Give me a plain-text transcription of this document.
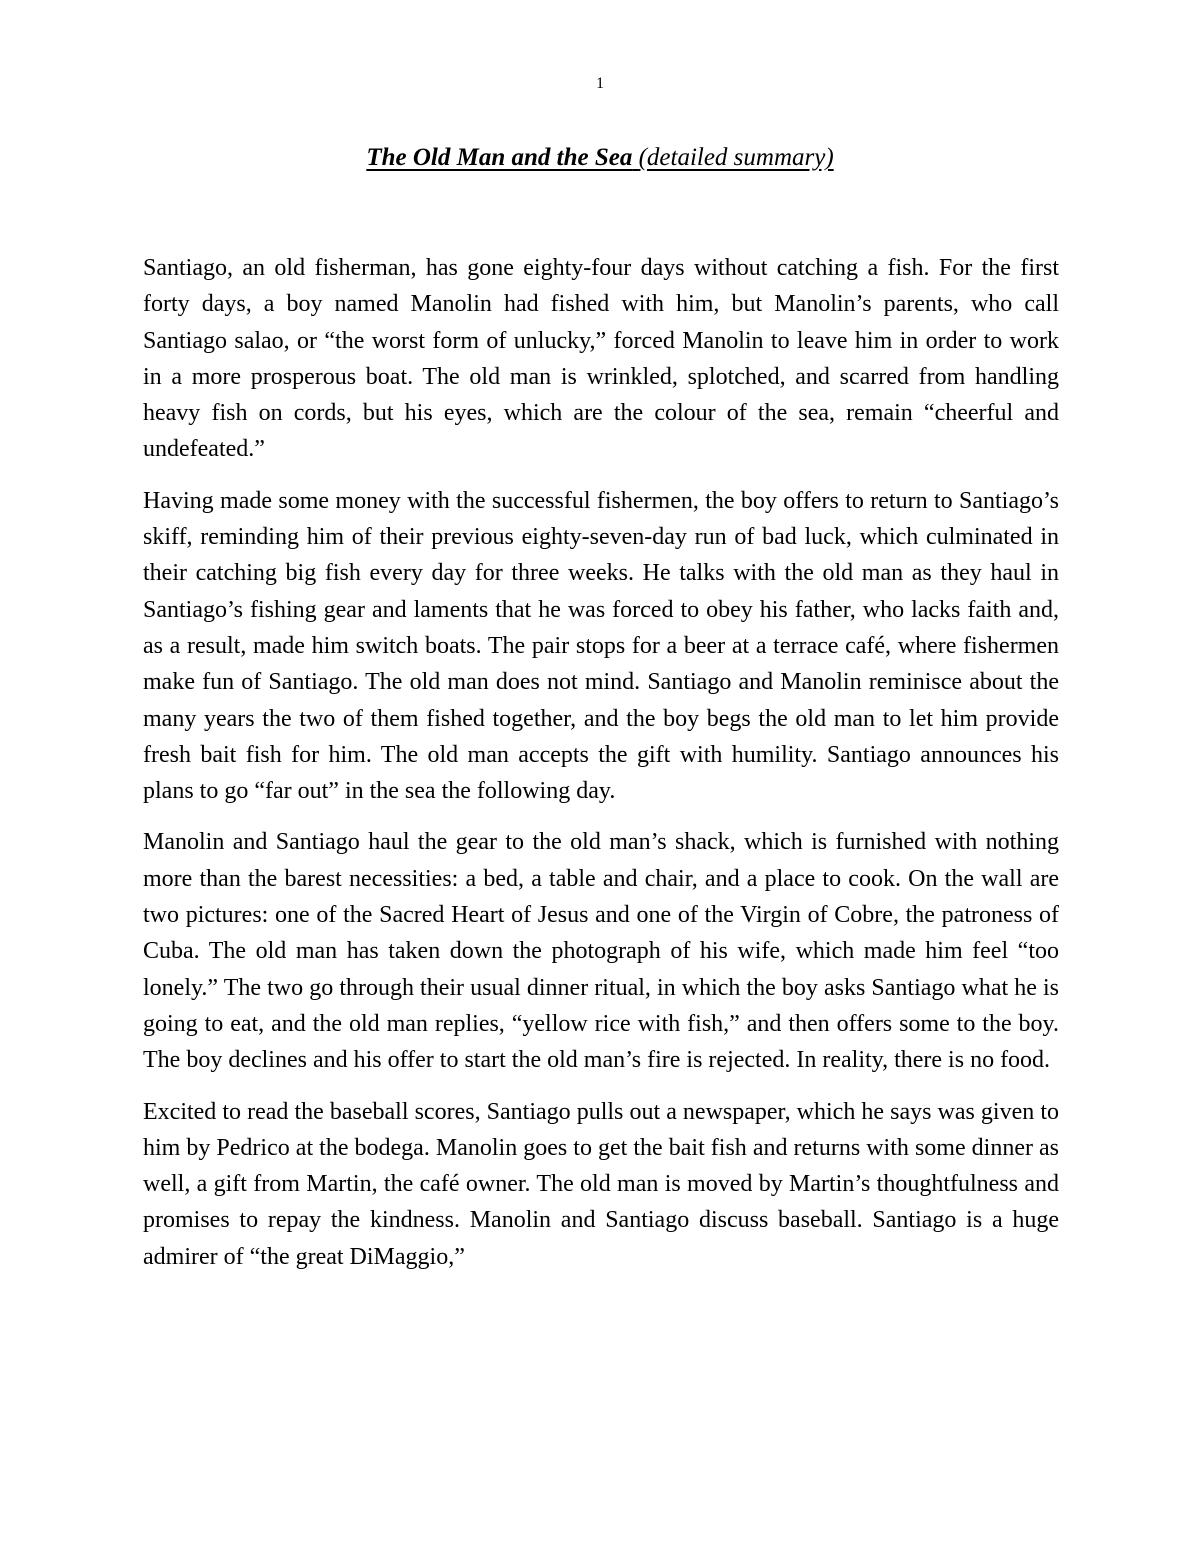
1
The Old Man and the Sea (detailed summary)

Santiago, an old fisherman, has gone eighty-four days without catching a fish. For the first forty days, a boy named Manolin had fished with him, but Manolin’s parents, who call Santiago salao, or “the worst form of unlucky,” forced Manolin to leave him in order to work in a more prosperous boat. The old man is wrinkled, splotched, and scarred from handling heavy fish on cords, but his eyes, which are the colour of the sea, remain “cheerful and undefeated.”

Having made some money with the successful fishermen, the boy offers to return to Santiago’s skiff, reminding him of their previous eighty-seven-day run of bad luck, which culminated in their catching big fish every day for three weeks. He talks with the old man as they haul in Santiago’s fishing gear and laments that he was forced to obey his father, who lacks faith and, as a result, made him switch boats. The pair stops for a beer at a terrace café, where fishermen make fun of Santiago. The old man does not mind. Santiago and Manolin reminisce about the many years the two of them fished together, and the boy begs the old man to let him provide fresh bait fish for him. The old man accepts the gift with humility. Santiago announces his plans to go “far out” in the sea the following day.

Manolin and Santiago haul the gear to the old man’s shack, which is furnished with nothing more than the barest necessities: a bed, a table and chair, and a place to cook. On the wall are two pictures: one of the Sacred Heart of Jesus and one of the Virgin of Cobre, the patroness of Cuba. The old man has taken down the photograph of his wife, which made him feel “too lonely.” The two go through their usual dinner ritual, in which the boy asks Santiago what he is going to eat, and the old man replies, “yellow rice with fish,” and then offers some to the boy. The boy declines and his offer to start the old man’s fire is rejected. In reality, there is no food.

Excited to read the baseball scores, Santiago pulls out a newspaper, which he says was given to him by Pedrico at the bodega. Manolin goes to get the bait fish and returns with some dinner as well, a gift from Martin, the café owner. The old man is moved by Martin’s thoughtfulness and promises to repay the kindness. Manolin and Santiago discuss baseball. Santiago is a huge admirer of “the great DiMaggio,”
